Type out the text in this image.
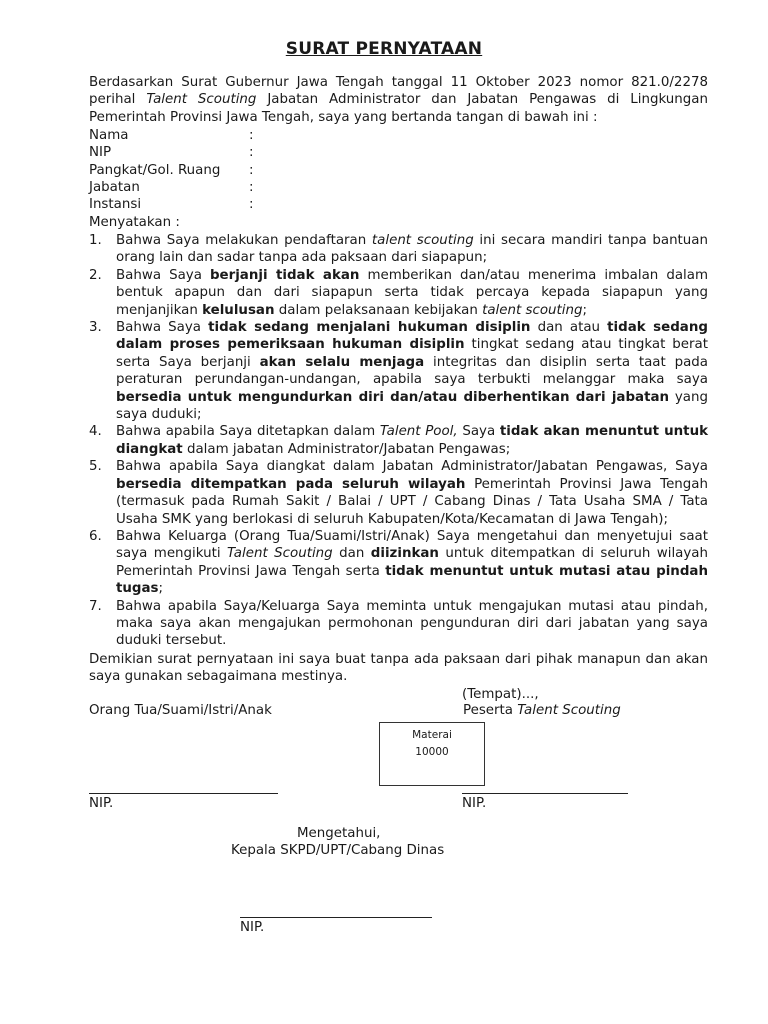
SURAT PERNYATAAN
Berdasarkan Surat Gubernur Jawa Tengah tanggal 11 Oktober 2023 nomor 821.0/2278
perihal Talent Scouting Jabatan Administrator dan Jabatan Pengawas di Lingkungan
Pemerintah Provinsi Jawa Tengah, saya yang bertanda tangan di bawah ini :
Nama	:
NIP	:
Pangkat/Gol. Ruang :
Jabatan	:
Instansi	:
Menyatakan :
1. Bahwa Saya melakukan pendaftaran talent scouting ini secara mandiri tanpa bantuan orang lain dan sadar tanpa ada paksaan dari siapapun;
2. Bahwa Saya berjanji tidak akan memberikan dan/atau menerima imbalan dalam bentuk apapun dan dari siapapun serta tidak percaya kepada siapapun yang menjanjikan kelulusan dalam pelaksanaan kebijakan talent scouting;
3. Bahwa Saya tidak sedang menjalani hukuman disiplin dan atau tidak sedang dalam proses pemeriksaan hukuman disiplin tingkat sedang atau tingkat berat serta Saya berjanji akan selalu menjaga integritas dan disiplin serta taat pada peraturan perundangan-undangan, apabila saya terbukti melanggar maka saya bersedia untuk mengundurkan diri dan/atau diberhentikan dari jabatan yang saya duduki;
4. Bahwa apabila Saya ditetapkan dalam Talent Pool, Saya tidak akan menuntut untuk diangkat dalam jabatan Administrator/Jabatan Pengawas;
5. Bahwa apabila Saya diangkat dalam Jabatan Administrator/Jabatan Pengawas, Saya bersedia ditempatkan pada seluruh wilayah Pemerintah Provinsi Jawa Tengah (termasuk pada Rumah Sakit / Balai / UPT / Cabang Dinas / Tata Usaha SMA / Tata Usaha SMK yang berlokasi di seluruh Kabupaten/Kota/Kecamatan di Jawa Tengah);
6. Bahwa Keluarga (Orang Tua/Suami/Istri/Anak) Saya mengetahui dan menyetujui saat saya mengikuti Talent Scouting dan diizinkan untuk ditempatkan di seluruh wilayah Pemerintah Provinsi Jawa Tengah serta tidak menuntut untuk mutasi atau pindah tugas;
7. Bahwa apabila Saya/Keluarga Saya meminta untuk mengajukan mutasi atau pindah, maka saya akan mengajukan permohonan pengunduran diri dari jabatan yang saya duduki tersebut.
Demikian surat pernyataan ini saya buat tanpa ada paksaan dari pihak manapun dan akan saya gunakan sebagaimana mestinya.
(Tempat)...,
Orang Tua/Suami/Istri/Anak	Peserta Talent Scouting
Materai
10000
NIP.	NIP.
Mengetahui,
Kepala SKPD/UPT/Cabang Dinas
NIP.
